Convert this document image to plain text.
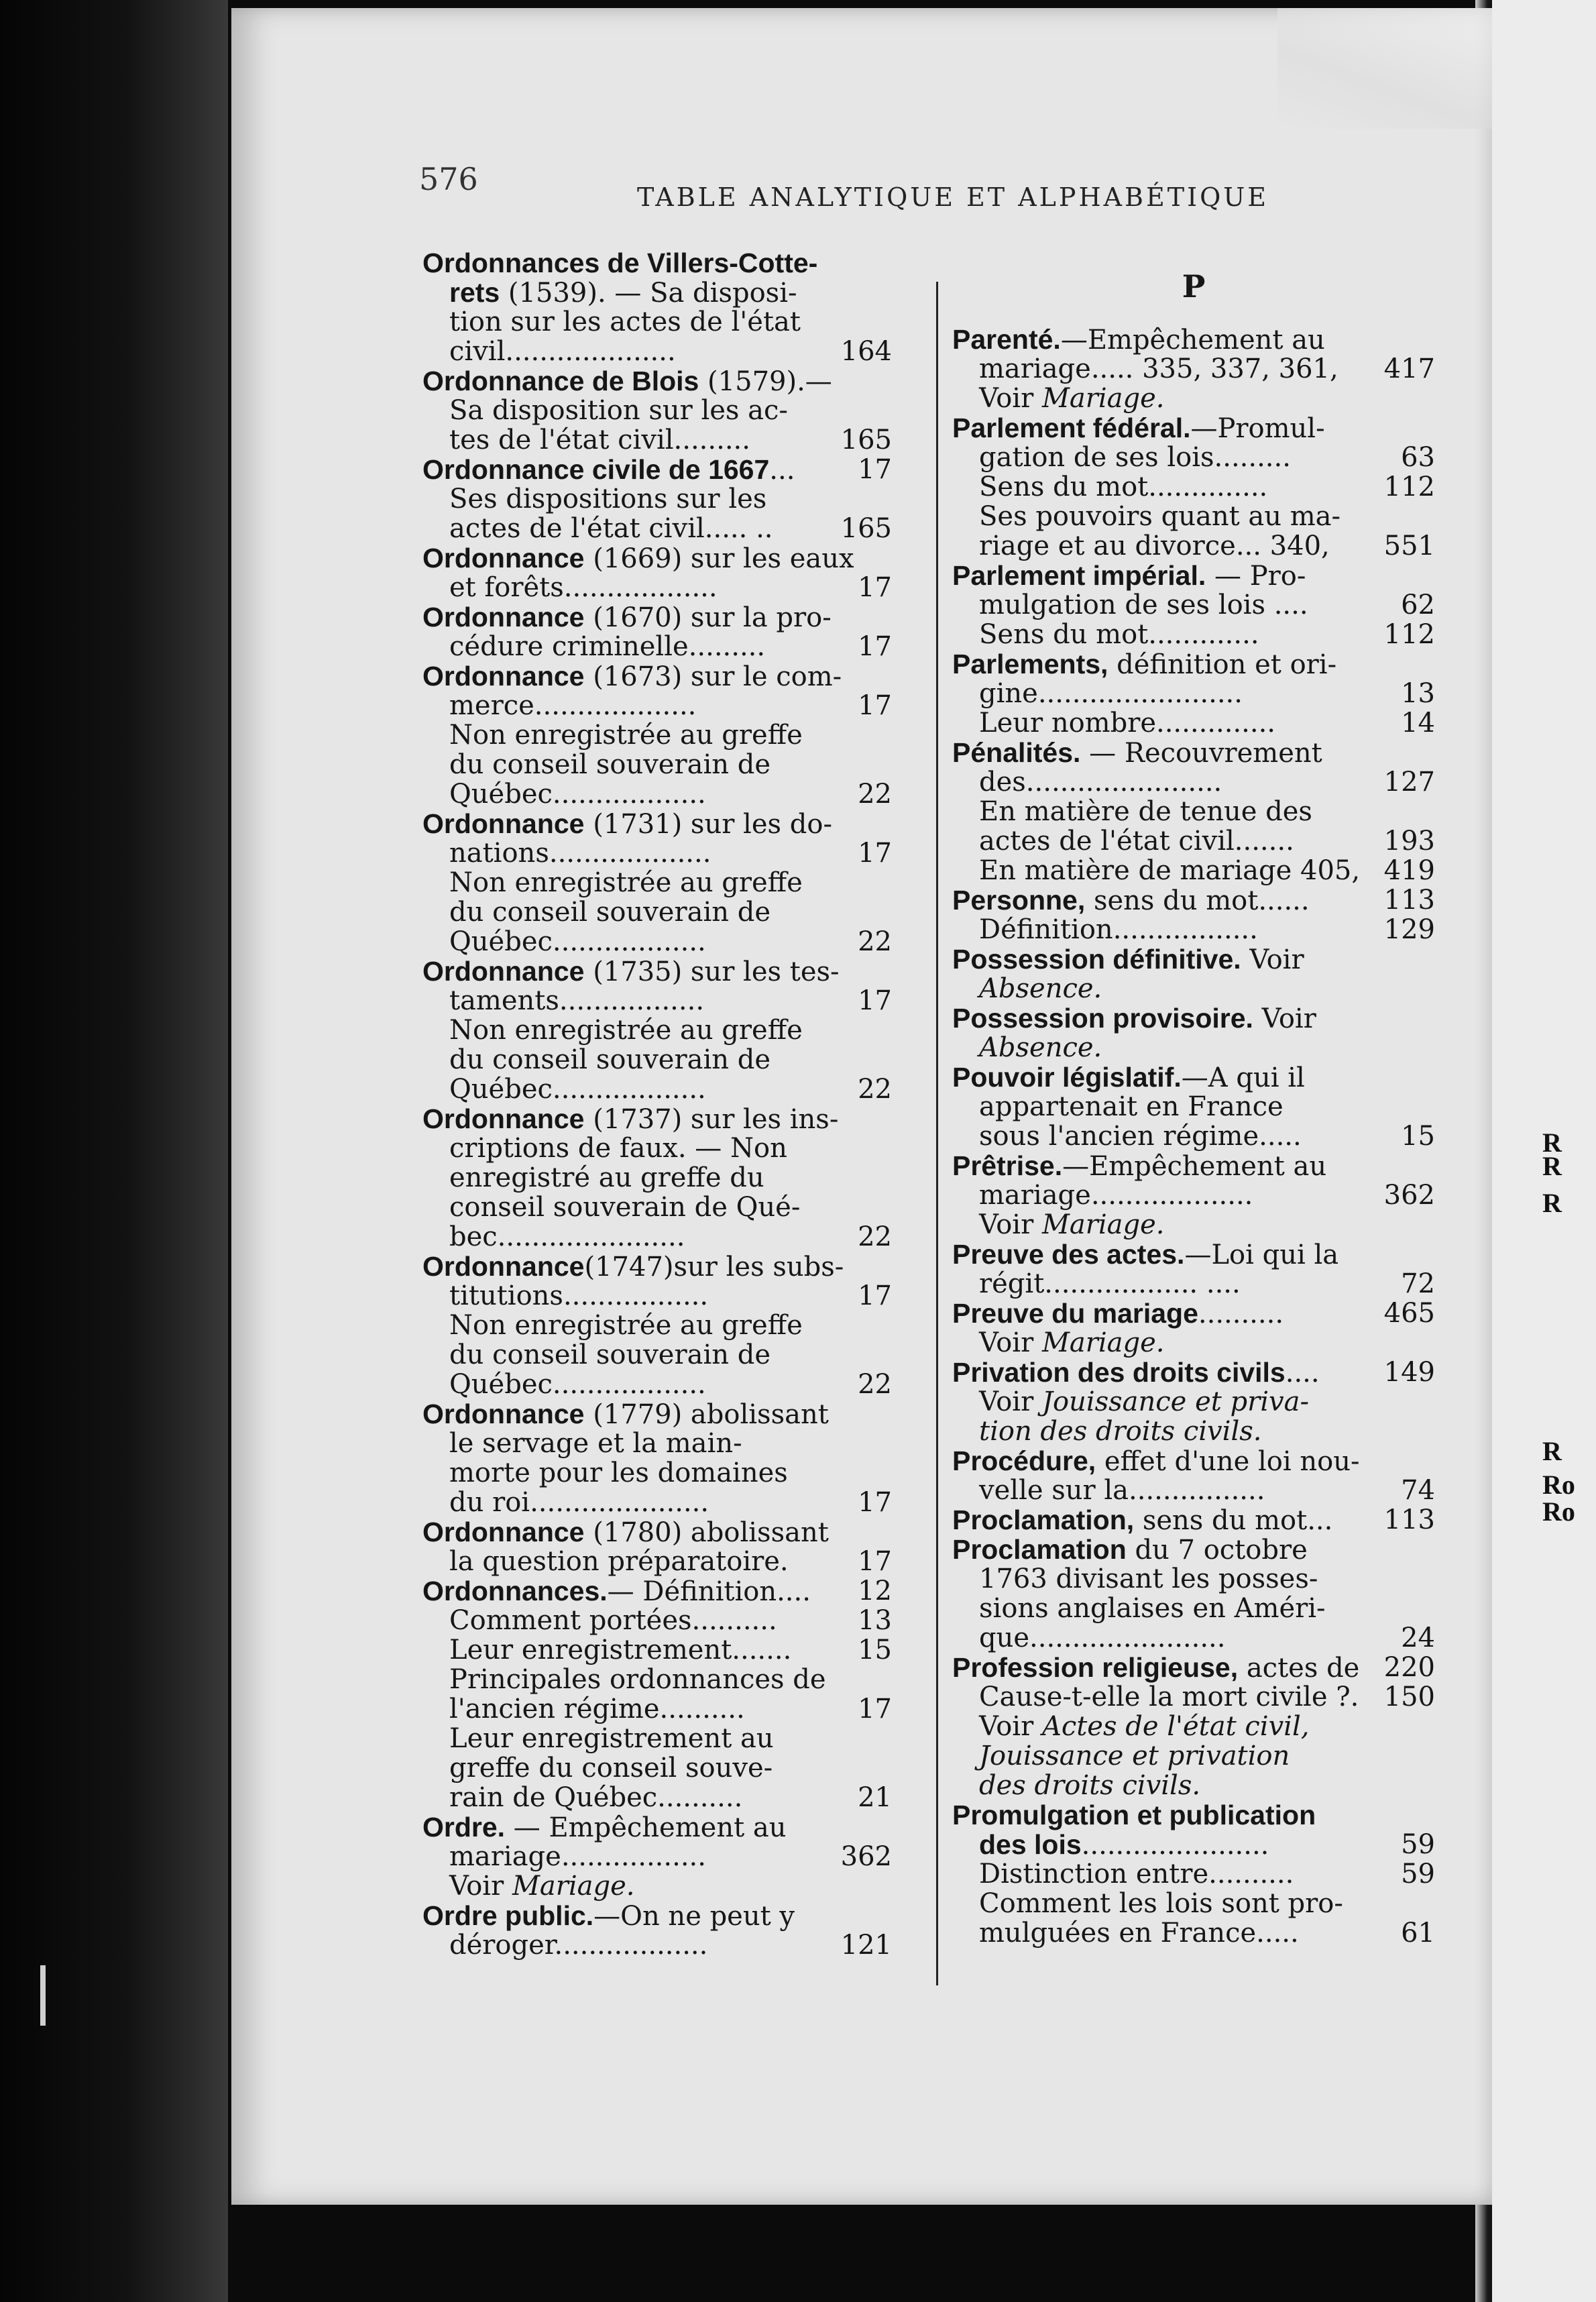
R
R
R
R
Ro
Ro
576	TABLE ANALYTIQUE ET ALPHABÉTIQUE
Ordonnances de Villers-Cotte-
rets (1539). — Sa disposi-
tion sur les actes de l'état
civil....................	164
Ordonnance de Blois (1579).—
Sa disposition sur les ac-
tes de l'état civil.........	165
Ordonnance civile de 1667... 17
Ses dispositions sur les
actes de l'état civil..... ..	165
Ordonnance (1669) sur les eaux
et forêts..................	17
Ordonnance (1670) sur la pro-
cédure criminelle.........	17
Ordonnance (1673) sur le com-
merce...................	17
Non enregistrée au greffe
du conseil souverain de
Québec..................	22
Ordonnance (1731) sur les do-
nations...................	17
Non enregistrée au greffe
du conseil souverain de
Québec..................	22
Ordonnance (1735) sur les tes-
taments.................	17
Non enregistrée au greffe
du conseil souverain de
Québec..................	22
Ordonnance (1737) sur les ins-
criptions de faux. — Non
enregistré au greffe du
conseil souverain de Qué-
bec......................	22
Ordonnance(1747)sur les subs-
titutions.................	17
Non enregistrée au greffe
du conseil souverain de
Québec..................	22
Ordonnance (1779) abolissant
le servage et la main-
morte pour les domaines
du roi.....................	17
Ordonnance (1780) abolissant
la question préparatoire.	17
Ordonnances.— Définition.... 12
Comment portées..........	13
Leur enregistrement....... 15
Principales ordonnances de
l'ancien régime..........	17
Leur enregistrement au
greffe du conseil souve-
rain de Québec..........	21
Ordre. — Empêchement au
mariage.................	362
Voir Mariage.
Ordre public.—On ne peut y
déroger..................	121
P
Parenté.—Empêchement au
mariage..... 335, 337, 361, 417
Voir Mariage.
Parlement fédéral.—Promul-
gation de ses lois.........	63
Sens du mot..............	112
Ses pouvoirs quant au ma-
riage et au divorce... 340, 551
Parlement impérial. — Pro-
mulgation de ses lois ....	62
Sens du mot.............	112
Parlements, définition et ori-
gine........................	13
Leur nombre..............	14
Pénalités. — Recouvrement
des.......................	127
En matière de tenue des
actes de l'état civil.......	193
En matière de mariage 405, 419
Personne, sens du mot......	113
Définition.................	129
Possession définitive. Voir
Absence.
Possession provisoire. Voir
Absence.
Pouvoir législatif.—A qui il
appartenait en France
sous l'ancien régime.....	15
Prêtrise.—Empêchement au
mariage...................	362
Voir Mariage.
Preuve des actes.—Loi qui la
régit.................. ....	72
Preuve du mariage..........	465
Voir Mariage.
Privation des droits civils.... 149
Voir Jouissance et priva-
tion des droits civils.
Procédure, effet d'une loi nou-
velle sur la................	74
Proclamation, sens du mot... 113
Proclamation du 7 octobre
1763 divisant les posses-
sions anglaises en Améri-
que.......................	24
Profession religieuse, actes de 220
Cause-t-elle la mort civile ?. 150
Voir Actes de l'état civil,
Jouissance et privation
des droits civils.
Promulgation et publication
des lois......................	59
Distinction entre..........	59
Comment les lois sont pro-
mulguées en France.....	61
